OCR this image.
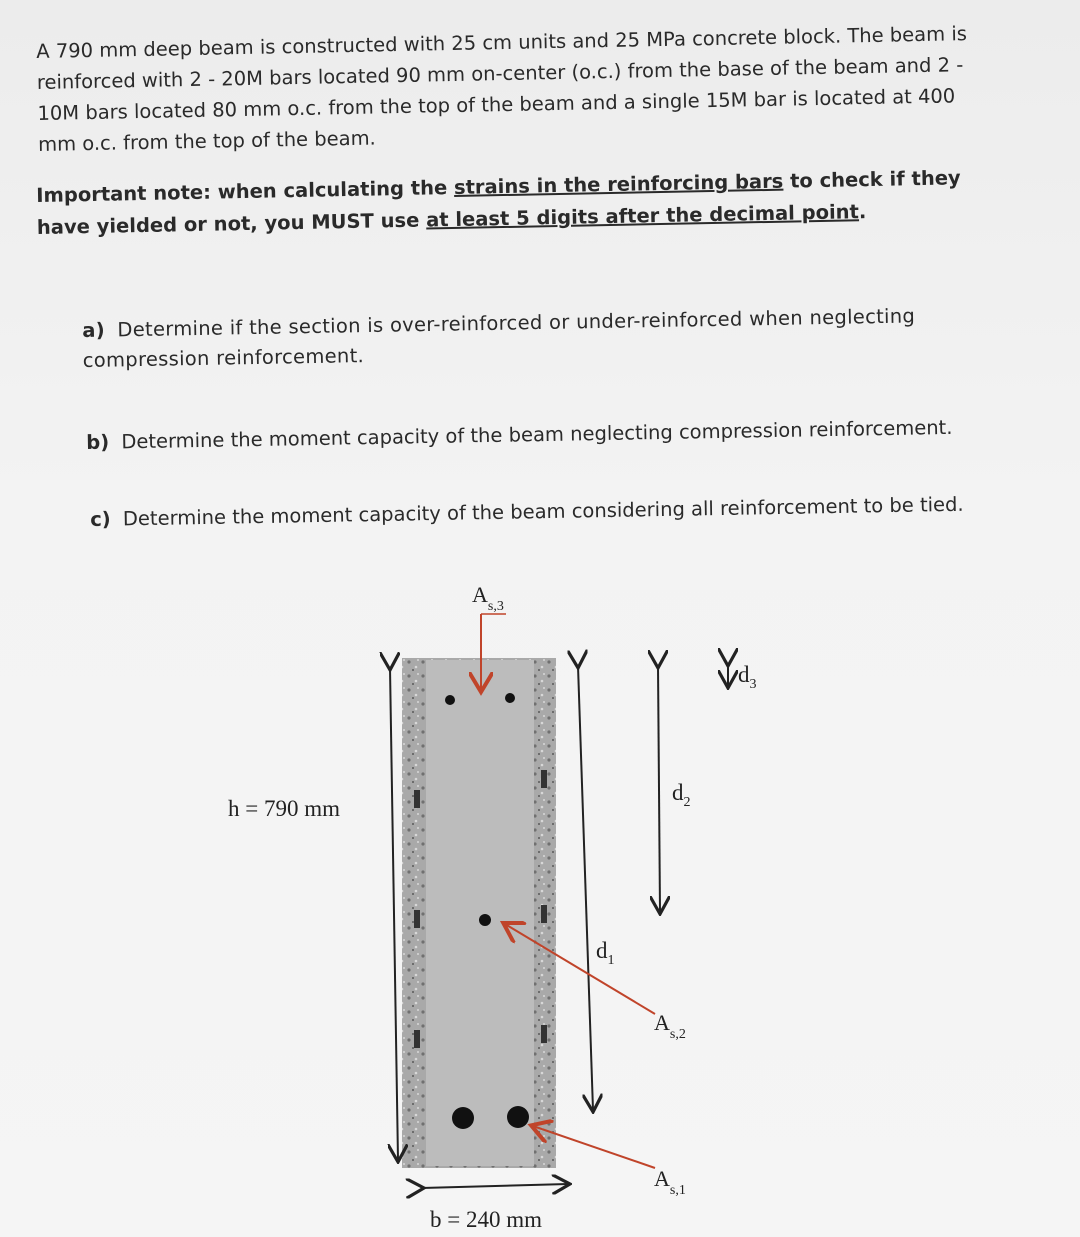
A 790 mm deep beam is constructed with 25 cm units and 25 MPa concrete block. The beam is reinforced with 2 - 20M bars located 90 mm on-center (o.c.) from the base of the beam and 2 - 10M bars located 80 mm o.c. from the top of the beam and a single 15M bar is located at 400 mm o.c. from the top of the beam.
Important note: when calculating the strains in the reinforcing bars to check if they have yielded or not, you MUST use at least 5 digits after the decimal point.
a) Determine if the section is over-reinforced or under-reinforced when neglecting compression reinforcement.
b) Determine the moment capacity of the beam neglecting compression reinforcement.
c) Determine the moment capacity of the beam considering all reinforcement to be tied.
h = 790 mm
b = 240 mm
$d_1$
$d_2$
$d_3$
$A_{s,3}$
$A_{s,2}$
$A_{s,1}$
